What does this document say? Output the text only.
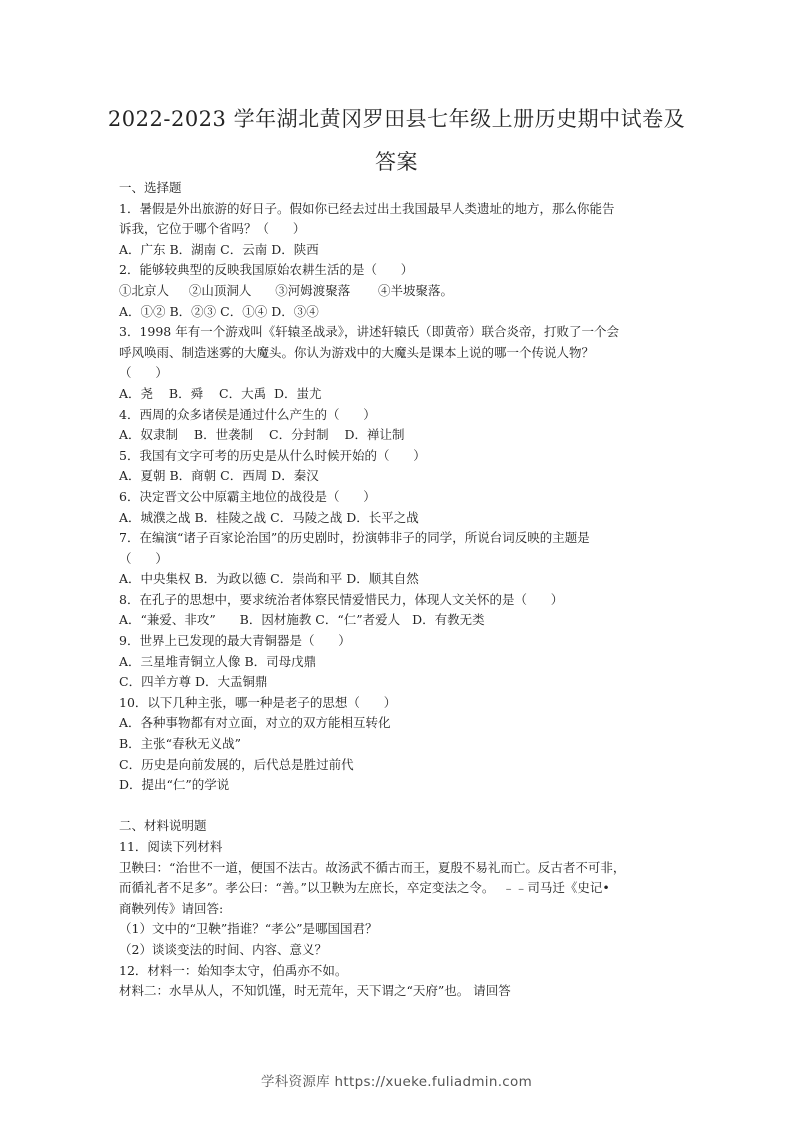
2022-2023 学年湖北黄冈罗田县七年级上册历史期中试卷及
答案
一、选择题
1．暑假是外出旅游的好日子。假如你已经去过出土我国最早人类遗址的地方，那么你能告
诉我，它位于哪个省吗？（      ）
A．广东 B．湖南 C．云南 D．陕西
2．能够较典型的反映我国原始农耕生活的是（      ）
①北京人     ②山顶洞人      ③河姆渡聚落       ④半坡聚落。
A．①② B．②③ C．①④ D．③④
3．1998 年有一个游戏叫《轩辕圣战录》，讲述轩辕氏（即黄帝）联合炎帝，打败了一个会
呼风唤雨、制造迷雾的大魔头。你认为游戏中的大魔头是课本上说的哪一个传说人物？
（      ）
A．尧    B．舜    C．大禹  D．蚩尤
4．西周的众多诸侯是通过什么产生的（      ）
A．奴隶制    B．世袭制    C．分封制    D．禅让制
5．我国有文字可考的历史是从什么时候开始的（      ）
A．夏朝 B．商朝 C．西周 D．秦汉
6．决定晋文公中原霸主地位的战役是（      ）
A．城濮之战 B．桂陵之战 C．马陵之战 D．长平之战
7．在编演“诸子百家论治国”的历史剧时，扮演韩非子的同学，所说台词反映的主题是
（      ）
A．中央集权 B．为政以德 C．崇尚和平 D．顺其自然
8．在孔子的思想中，要求统治者体察民情爱惜民力，体现人文关怀的是（      ）
A．“兼爱、非攻”      B．因材施教 C．“仁”者爱人   D．有教无类
9．世界上已发现的最大青铜器是（      ）
A．三星堆青铜立人像 B．司母戊鼎
C．四羊方尊 D．大盂铜鼎
10．以下几种主张，哪一种是老子的思想（      ）
A．各种事物都有对立面，对立的双方能相互转化
B．主张“春秋无义战”
C．历史是向前发展的，后代总是胜过前代
D．提出“仁”的学说
二、材料说明题
11．阅读下列材料
卫鞅曰：“治世不一道，便国不法古。故汤武不循古而王，夏殷不易礼而亡。反古者不可非，
而循礼者不足多”。孝公曰：“善。”以卫鞅为左庶长，卒定变法之令。  ﹣﹣司马迁《史记•
商鞅列传》请回答:
（1）文中的“卫鞅”指谁？“孝公”是哪国国君？
（2）谈谈变法的时间、内容、意义？
12．材料一：始知李太守，伯禹亦不如。
材料二：水旱从人，不知饥馑，时无荒年，天下谓之“天府”也。 请回答
学科资源库 https://xueke.fuliadmin.com
